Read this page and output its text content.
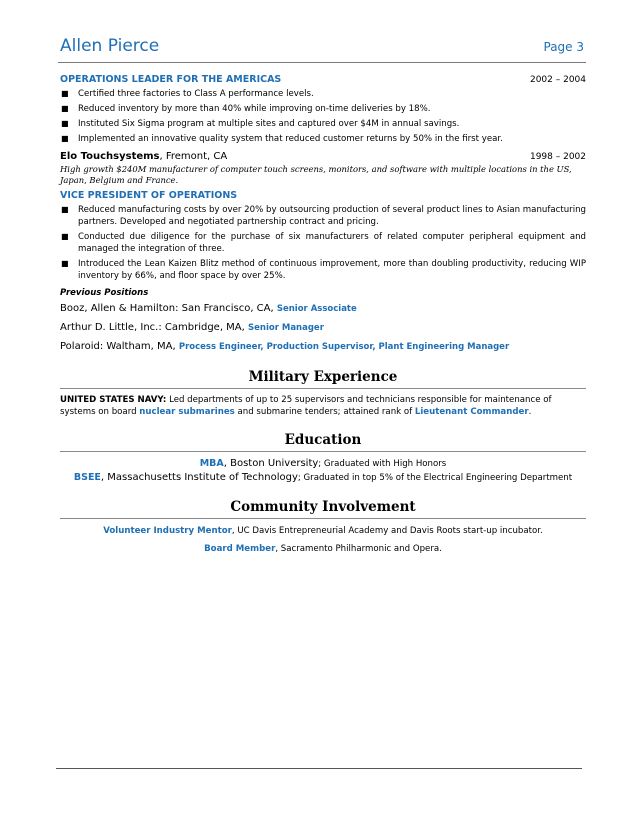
Allen Pierce	Page 3
OPERATIONS LEADER FOR THE AMERICAS	2002 – 2004
■ Certified three factories to Class A performance levels.
■ Reduced inventory by more than 40% while improving on-time deliveries by 18%.
■ Instituted Six Sigma program at multiple sites and captured over $4M in annual savings.
■ Implemented an innovative quality system that reduced customer returns by 50% in the first year.
Elo Touchsystems, Fremont, CA	1998 – 2002
High growth $240M manufacturer of computer touch screens, monitors, and software with multiple locations in the US, Japan, Belgium and France.
VICE PRESIDENT OF OPERATIONS
■ Reduced manufacturing costs by over 20% by outsourcing production of several product lines to Asian manufacturing partners. Developed and negotiated partnership contract and pricing.
■ Conducted due diligence for the purchase of six manufacturers of related computer peripheral equipment and managed the integration of three.
■ Introduced the Lean Kaizen Blitz method of continuous improvement, more than doubling productivity, reducing WIP inventory by 66%, and floor space by over 25%.
Previous Positions
Booz, Allen & Hamilton: San Francisco, CA, Senior Associate
Arthur D. Little, Inc.: Cambridge, MA, Senior Manager
Polaroid: Waltham, MA, Process Engineer, Production Supervisor, Plant Engineering Manager
Military Experience
UNITED STATES NAVY: Led departments of up to 25 supervisors and technicians responsible for maintenance of systems on board nuclear submarines and submarine tenders; attained rank of Lieutenant Commander.
Education
MBA, Boston University; Graduated with High Honors
BSEE, Massachusetts Institute of Technology; Graduated in top 5% of the Electrical Engineering Department
Community Involvement
Volunteer Industry Mentor, UC Davis Entrepreneurial Academy and Davis Roots start-up incubator.
Board Member, Sacramento Philharmonic and Opera.
